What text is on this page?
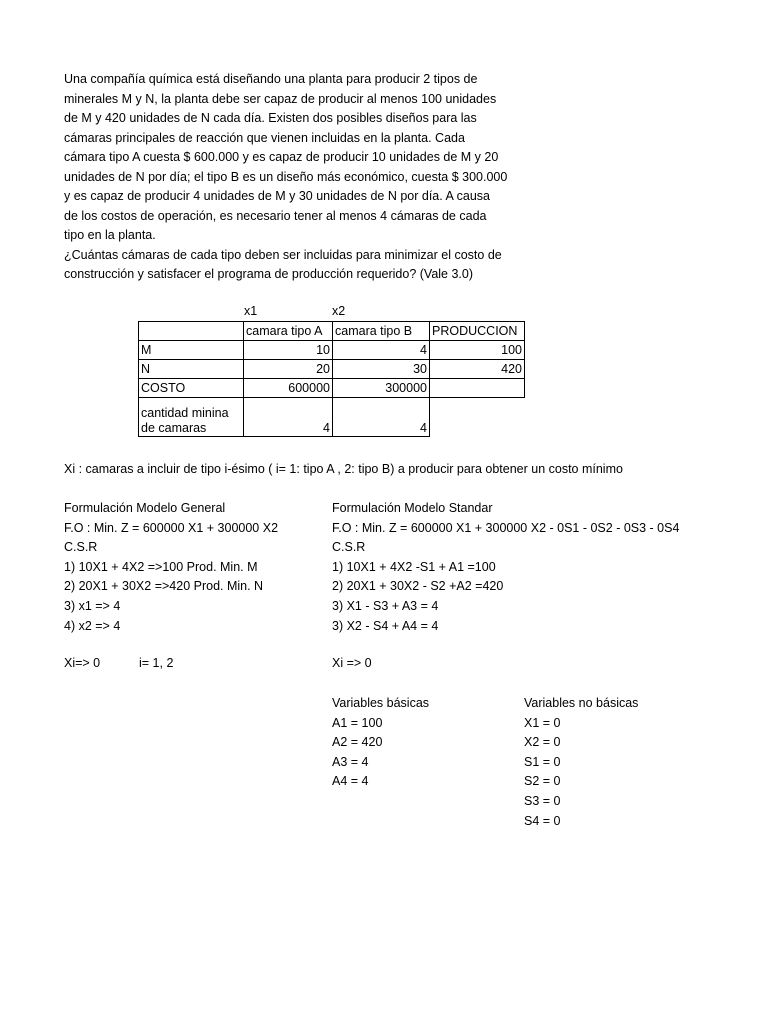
Una compañía química está diseñando una planta para producir 2 tipos de
minerales M y N, la planta debe ser capaz de producir al menos 100 unidades
de M y 420 unidades de N cada día. Existen dos posibles diseños para las
cámaras principales de reacción que vienen incluidas en la planta. Cada
cámara tipo A cuesta $ 600.000 y es capaz de producir 10 unidades de M y 20
unidades de N por día; el tipo B es un diseño más económico, cuesta $ 300.000
y es capaz de producir 4 unidades de M y 30 unidades de N por día. A causa
de los costos de operación, es necesario tener al menos 4 cámaras de cada
tipo en la planta.
¿Cuántas cámaras de cada tipo deben ser incluidas para minimizar el costo de
construcción y satisfacer el programa de producción requerido? (Vale 3.0)
x1	x2
	camara tipo A	camara tipo B	PRODUCCION
M	10	4	100
N	20	30	420
COSTO	600000	300000	
cantidad minina
de camaras	4	4	
Xi : camaras a incluir de tipo i-ésimo ( i= 1: tipo A , 2: tipo B) a producir para obtener un costo mínimo
Formulación Modelo General
F.O : Min. Z = 600000 X1 + 300000 X2
C.S.R
1) 10X1 + 4X2 =>100 Prod. Min. M
2) 20X1 + 30X2 =>420 Prod. Min. N
3) x1 => 4
4) x2 => 4
Xi=> 0	i= 1, 2
Formulación Modelo Standar
F.O : Min. Z = 600000 X1 + 300000 X2 - 0S1 - 0S2 - 0S3 - 0S4
C.S.R
1) 10X1 + 4X2 -S1 + A1 =100
2) 20X1 + 30X2 - S2 +A2 =420
3) X1 - S3 + A3 = 4
3) X2 - S4 + A4 = 4
Xi => 0
Variables básicas
A1 = 100
A2 = 420
A3 = 4
A4 = 4
Variables no básicas
X1 = 0
X2 = 0
S1 = 0
S2 = 0
S3 = 0
S4 = 0
